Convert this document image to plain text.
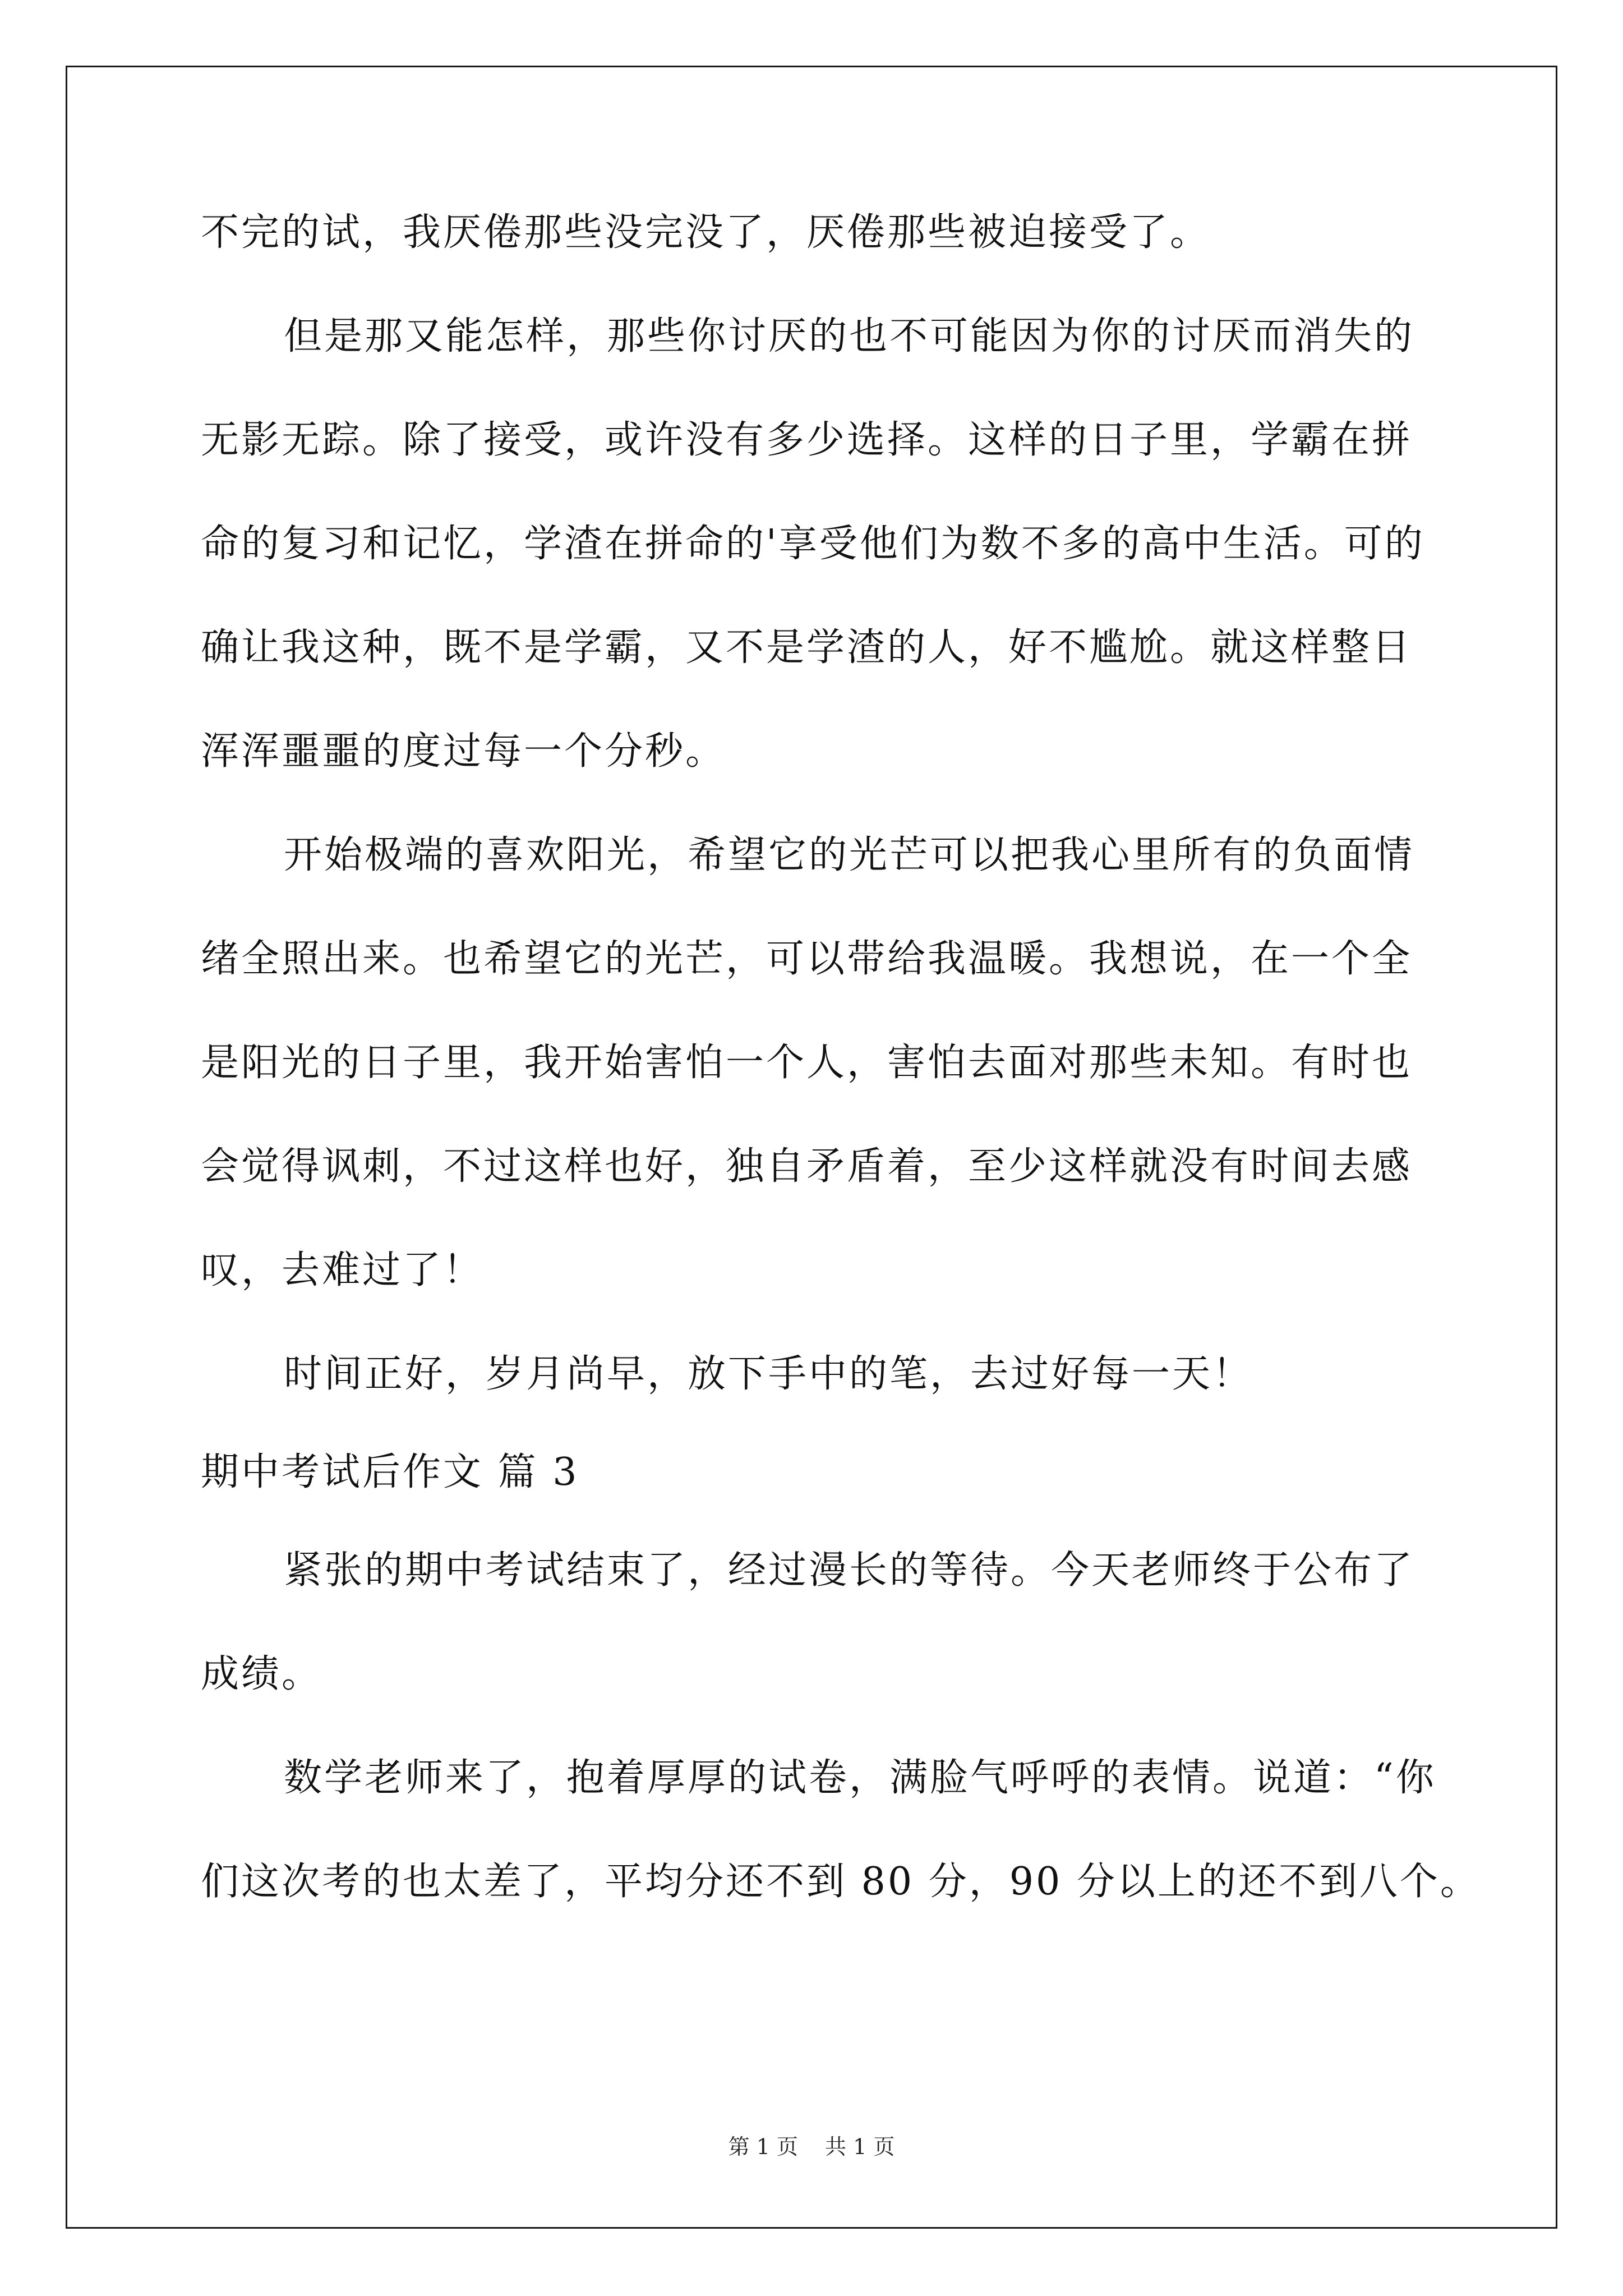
不完的试，我厌倦那些没完没了，厌倦那些被迫接受了。
但是那又能怎样，那些你讨厌的也不可能因为你的讨厌而消失的
无影无踪。除了接受，或许没有多少选择。这样的日子里，学霸在拼
命的复习和记忆，学渣在拼命的'享受他们为数不多的高中生活。可的
确让我这种，既不是学霸，又不是学渣的人，好不尴尬。就这样整日
浑浑噩噩的度过每一个分秒。
开始极端的喜欢阳光，希望它的光芒可以把我心里所有的负面情
绪全照出来。也希望它的光芒，可以带给我温暖。我想说，在一个全
是阳光的日子里，我开始害怕一个人，害怕去面对那些未知。有时也
会觉得讽刺，不过这样也好，独自矛盾着，至少这样就没有时间去感
叹，去难过了！
时间正好，岁月尚早，放下手中的笔，去过好每一天！
期中考试后作文 篇 3
紧张的期中考试结束了，经过漫长的等待。今天老师终于公布了
成绩。
数学老师来了，抱着厚厚的试卷，满脸气呼呼的表情。说道：“你
们这次考的也太差了，平均分还不到 80 分，90 分以上的还不到八个。
第 1 页 共 1 页
